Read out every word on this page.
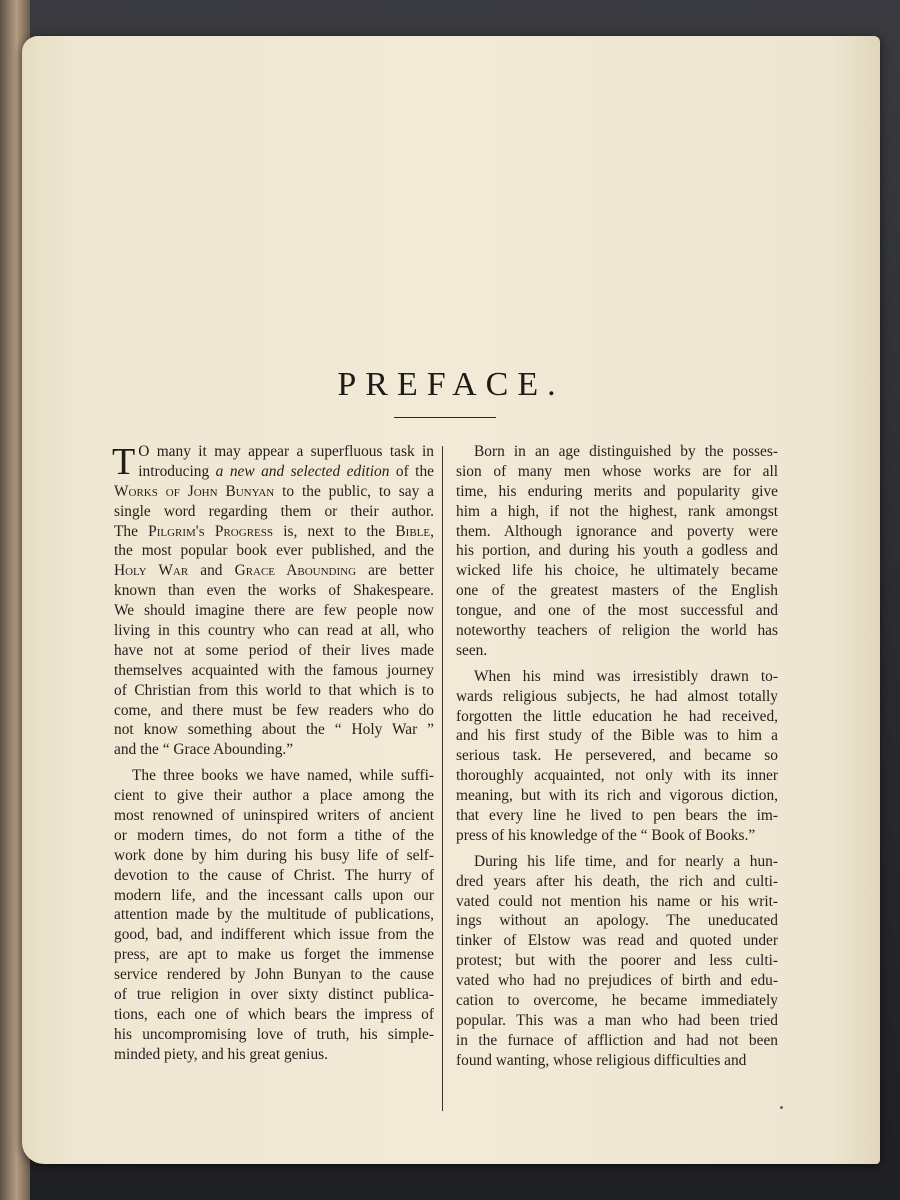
PREFACE.
T O many it may appear a superfluous task in
introducing a new and selected edition of the
Works of John Bunyan to the public, to say a
single word regarding them or their author.
The Pilgrim's Progress is, next to the Bible,
the most popular book ever published, and the
Holy War and Grace Abounding are better
known than even the works of Shakespeare.
We should imagine there are few people now
living in this country who can read at all, who
have not at some period of their lives made
themselves acquainted with the famous journey
of Christian from this world to that which is to
come, and there must be few readers who do
not know something about the “ Holy War ”
and the “ Grace Abounding.”
The three books we have named, while suffi-
cient to give their author a place among the
most renowned of uninspired writers of ancient
or modern times, do not form a tithe of the
work done by him during his busy life of self-
devotion to the cause of Christ. The hurry of
modern life, and the incessant calls upon our
attention made by the multitude of publications,
good, bad, and indifferent which issue from the
press, are apt to make us forget the immense
service rendered by John Bunyan to the cause
of true religion in over sixty distinct publica-
tions, each one of which bears the impress of
his uncompromising love of truth, his simple-
minded piety, and his great genius.
Born in an age distinguished by the posses-
sion of many men whose works are for all
time, his enduring merits and popularity give
him a high, if not the highest, rank amongst
them. Although ignorance and poverty were
his portion, and during his youth a godless and
wicked life his choice, he ultimately became
one of the greatest masters of the English
tongue, and one of the most successful and
noteworthy teachers of religion the world has
seen.
When his mind was irresistibly drawn to-
wards religious subjects, he had almost totally
forgotten the little education he had received,
and his first study of the Bible was to him a
serious task. He persevered, and became so
thoroughly acquainted, not only with its inner
meaning, but with its rich and vigorous diction,
that every line he lived to pen bears the im-
press of his knowledge of the “ Book of Books.”
During his life time, and for nearly a hun-
dred years after his death, the rich and culti-
vated could not mention his name or his writ-
ings without an apology. The uneducated
tinker of Elstow was read and quoted under
protest; but with the poorer and less culti-
vated who had no prejudices of birth and edu-
cation to overcome, he became immediately
popular. This was a man who had been tried
in the furnace of affliction and had not been
found wanting, whose religious difficulties and
